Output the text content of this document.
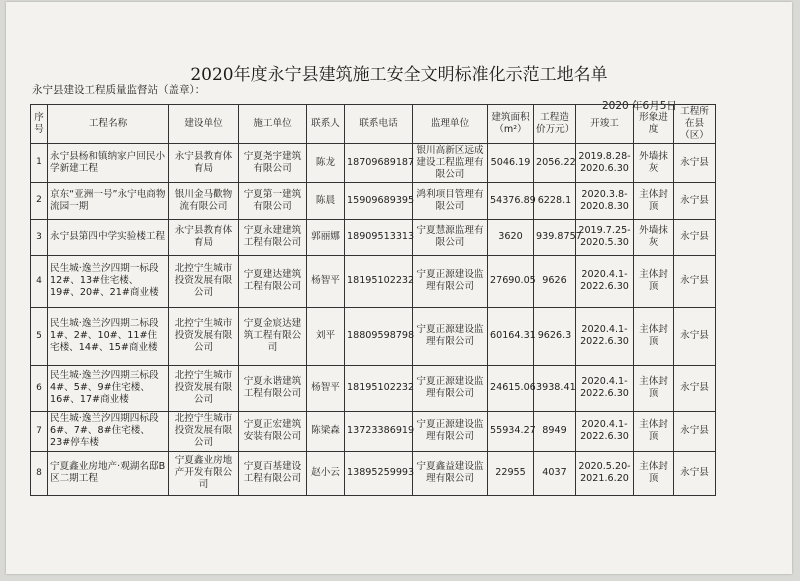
2020年度永宁县建筑施工安全文明标准化示范工地名单
永宁县建设工程质量监督站（盖章）：
2020 年6月5日
序号	工程名称	建设单位	施工单位	联系人	联系电话	监理单位	建筑面积（m²）	工程造价万元）	开竣工	形象进度	工程所在县（区）
1	永宁县杨和镇纳家户回民小学新建工程	永宁县教育体育局	宁夏尧宇建筑有限公司	陈龙	18709689187	银川高新区远成建设工程监理有限公司	5046.19	2056.22	2019.8.28-2020.6.30	外墙抹灰	永宁县
2	京东“亚洲一号”永宁电商物流园一期	银川金马歡物流有限公司	宁夏第一建筑有限公司	陈晨	15909689395	鸿利项目管理有限公司	54376.89	6228.1	2020.3.8-2020.8.30	主体封顶	永宁县
3	永宁县第四中学实验楼工程	永宁县教育体育局	宁夏永建建筑工程有限公司	郭丽娜	18909513313	宁夏慧源监理有限公司	3620	939.8757	2019.7.25-2020.5.30	外墙抹灰	永宁县
4	民生城·逸兰汐四期一标段12#、13#住宅楼、19#、20#、21#商业楼	北控宁生城市投资发展有限公司	宁夏建达建筑工程有限公司	杨智平	18195102232	宁夏正源建设监理有限公司	27690.05	9626	2020.4.1-2022.6.30	主体封顶	永宁县
5	民生城·逸兰汐四期二标段1#、2#、10#、11#住宅楼、14#、15#商业楼	北控宁生城市投资发展有限公司	宁夏金宸达建筑工程有限公司	刘平	18809598798	宁夏正源建设监理有限公司	60164.31	9626.3	2020.4.1-2022.6.30	主体封顶	永宁县
6	民生城·逸兰汐四期三标段4#、5#、9#住宅楼、16#、17#商业楼	北控宁生城市投资发展有限公司	宁夏永谐建筑工程有限公司	杨智平	18195102232	宁夏正源建设监理有限公司	24615.06	3938.41	2020.4.1-2022.6.30	主体封顶	永宁县
7	民生城·逸兰汐四期四标段6#、7#、8#住宅楼、23#停车楼	北控宁生城市投资发展有限公司	宁夏正宏建筑安装有限公司	陈梁森	13723386919	宁夏正源建设监理有限公司	55934.27	8949	2020.4.1-2022.6.30	主体封顶	永宁县
8	宁夏鑫业房地产·观湖名邸B区二期工程	宁夏鑫业房地产开发有限公司	宁夏百基建设工程有限公司	赵小云	13895259993	宁夏鑫益建设监理有限公司	22955	4037	2020.5.20-2021.6.20	主体封顶	永宁县
